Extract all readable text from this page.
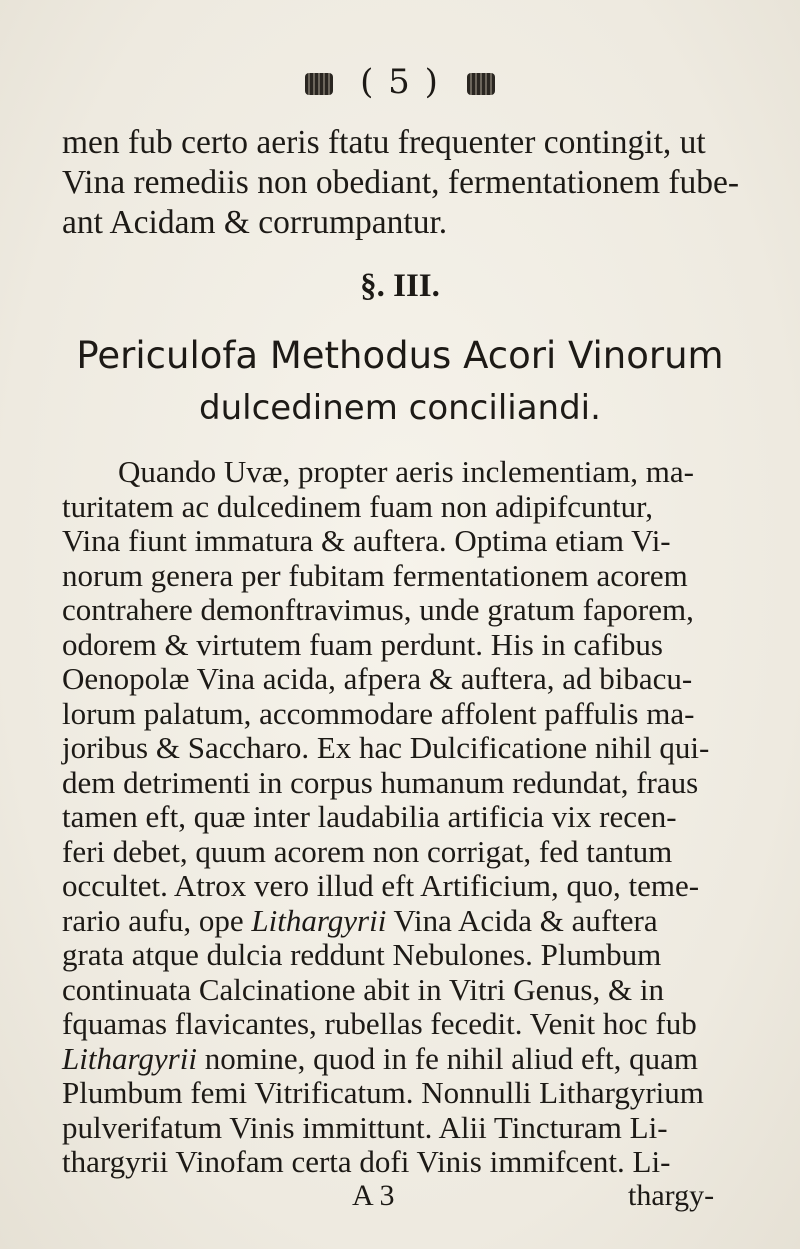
( 5 )
men fub certo aeris ftatu frequenter contingit, ut
Vina remediis non obediant, fermentationem fube-
ant Acidam & corrumpantur.
§. III.
Periculofa Methodus Acori Vinorum
dulcedinem conciliandi.
Quando Uvæ, propter aeris inclementiam, ma-
turitatem ac dulcedinem fuam non adipifcuntur,
Vina fiunt immatura & auftera. Optima etiam Vi-
norum genera per fubitam fermentationem acorem
contrahere demonftravimus, unde gratum faporem,
odorem & virtutem fuam perdunt. His in cafibus
Oenopolæ Vina acida, afpera & auftera, ad bibacu-
lorum palatum, accommodare affolent paffulis ma-
joribus & Saccharo. Ex hac Dulcificatione nihil qui-
dem detrimenti in corpus humanum redundat, fraus
tamen eft, quæ inter laudabilia artificia vix recen-
feri debet, quum acorem non corrigat, fed tantum
occultet. Atrox vero illud eft Artificium, quo, teme-
rario aufu, ope Lithargyrii Vina Acida & auftera
grata atque dulcia reddunt Nebulones. Plumbum
continuata Calcinatione abit in Vitri Genus, & in
fquamas flavicantes, rubellas fecedit. Venit hoc fub
Lithargyrii nomine, quod in fe nihil aliud eft, quam
Plumbum femi Vitrificatum. Nonnulli Lithargyrium
pulverifatum Vinis immittunt. Alii Tincturam Li-
thargyrii Vinofam certa dofi Vinis immifcent. Li-
A 3	thargy-
